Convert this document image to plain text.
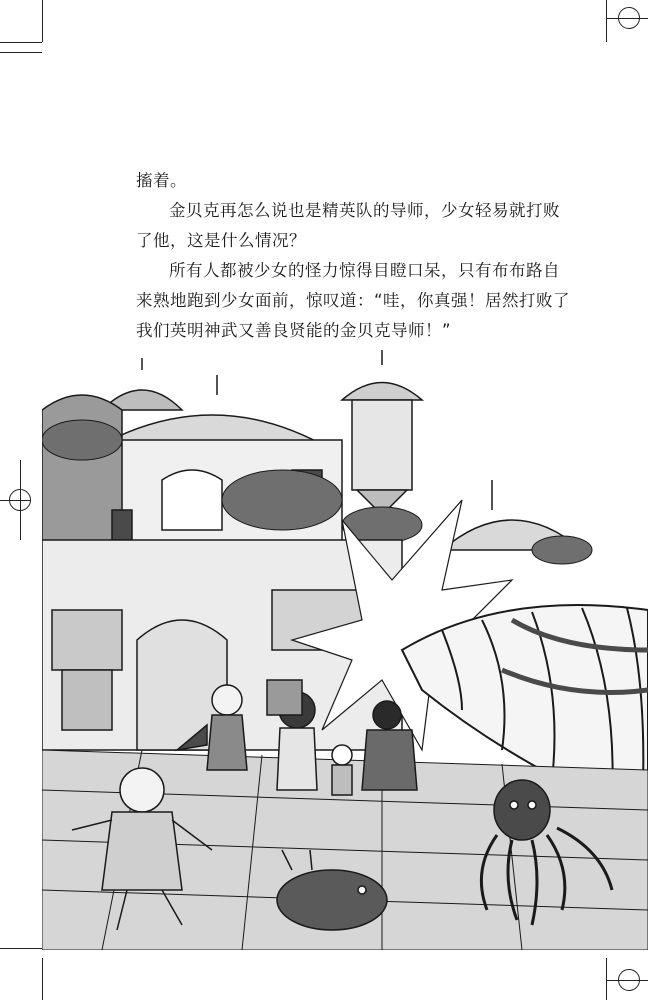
搐着。

金贝克再怎么说也是精英队的导师，少女轻易就打败了他，这是什么情况？

所有人都被少女的怪力惊得目瞪口呆，只有布布路自来熟地跑到少女面前，惊叹道：“哇，你真强！居然打败了我们英明神武又善良贤能的金贝克导师！”
